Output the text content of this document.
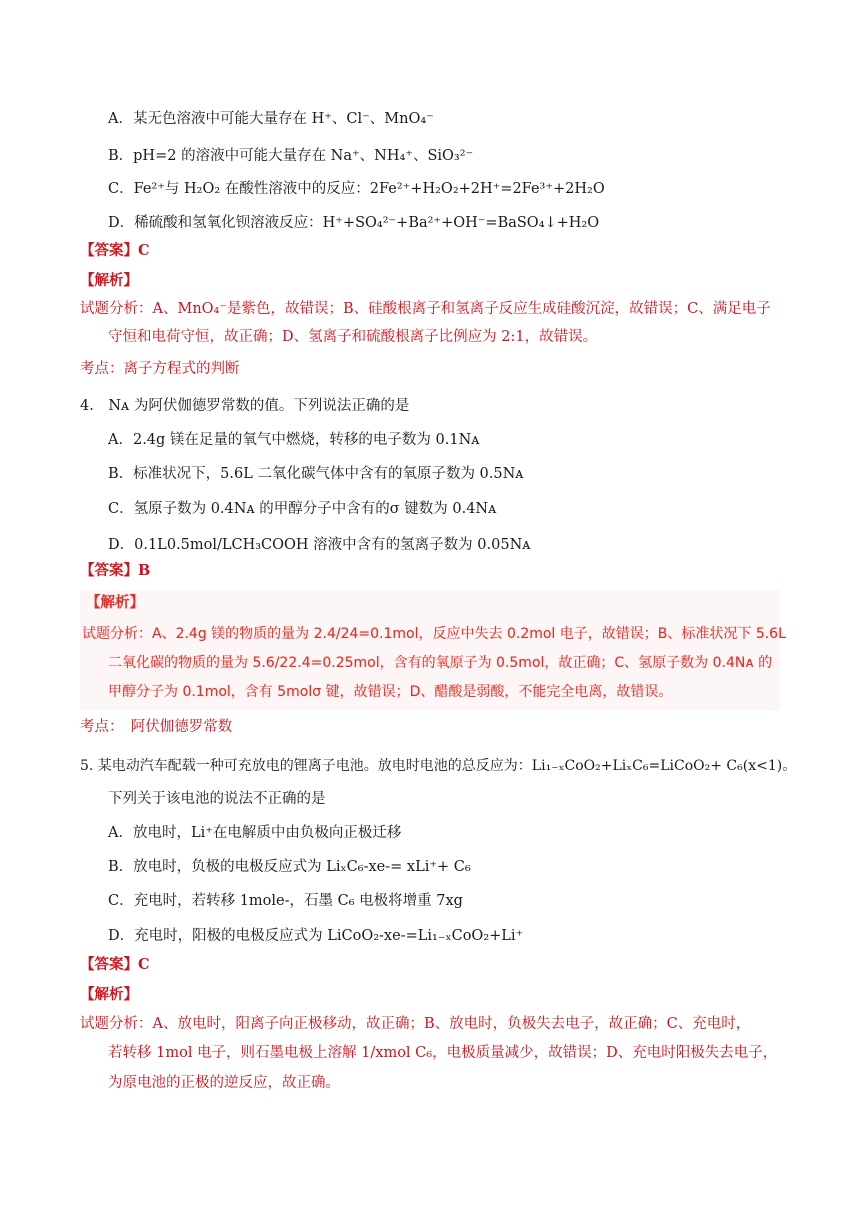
A．某无色溶液中可能大量存在 H⁺、Cl⁻、MnO₄⁻
B．pH=2 的溶液中可能大量存在 Na⁺、NH₄⁺、SiO₃²⁻
C．Fe²⁺与 H₂O₂ 在酸性溶液中的反应：2Fe²⁺+H₂O₂+2H⁺=2Fe³⁺+2H₂O
D．稀硫酸和氢氧化钡溶液反应：H⁺+SO₄²⁻+Ba²⁺+OH⁻=BaSO₄↓+H₂O
【答案】C
【解析】
试题分析：A、MnO₄⁻是紫色，故错误；B、硅酸根离子和氢离子反应生成硅酸沉淀，故错误；C、满足电子
守恒和电荷守恒，故正确；D、氢离子和硫酸根离子比例应为 2:1，故错误。
考点：离子方程式的判断
4.　Nᴀ 为阿伏伽德罗常数的值。下列说法正确的是
A．2.4g 镁在足量的氧气中燃烧，转移的电子数为 0.1Nᴀ
B．标准状况下，5.6L 二氧化碳气体中含有的氧原子数为 0.5Nᴀ
C．氢原子数为 0.4Nᴀ 的甲醇分子中含有的σ 键数为 0.4Nᴀ
D．0.1L0.5mol/LCH₃COOH 溶液中含有的氢离子数为 0.05Nᴀ
【答案】B
【解析】
试题分析：A、2.4g 镁的物质的量为 2.4/24=0.1mol，反应中失去 0.2mol 电子，故错误；B、标准状况下 5.6L
二氧化碳的物质的量为 5.6/22.4=0.25mol，含有的氧原子为 0.5mol，故正确；C、氢原子数为 0.4Nᴀ 的
甲醇分子为 0.1mol，含有 5molσ 键，故错误；D、醋酸是弱酸，不能完全电离，故错误。
考点：　阿伏伽德罗常数
5. 某电动汽车配载一种可充放电的锂离子电池。放电时电池的总反应为：Li₁₋ₓCoO₂+LiₓC₆=LiCoO₂+ C₆(x<1)。
下列关于该电池的说法不正确的是
A．放电时，Li⁺在电解质中由负极向正极迁移
B．放电时，负极的电极反应式为 LiₓC₆-xe-= xLi⁺+ C₆
C．充电时，若转移 1mole-，石墨 C₆ 电极将增重 7xg
D．充电时，阳极的电极反应式为 LiCoO₂-xe-=Li₁₋ₓCoO₂+Li⁺
【答案】C
【解析】
试题分析：A、放电时，阳离子向正极移动，故正确；B、放电时，负极失去电子，故正确；C、充电时，
若转移 1mol 电子，则石墨电极上溶解 1/xmol C₆，电极质量减少，故错误；D、充电时阳极失去电子，
为原电池的正极的逆反应，故正确。
